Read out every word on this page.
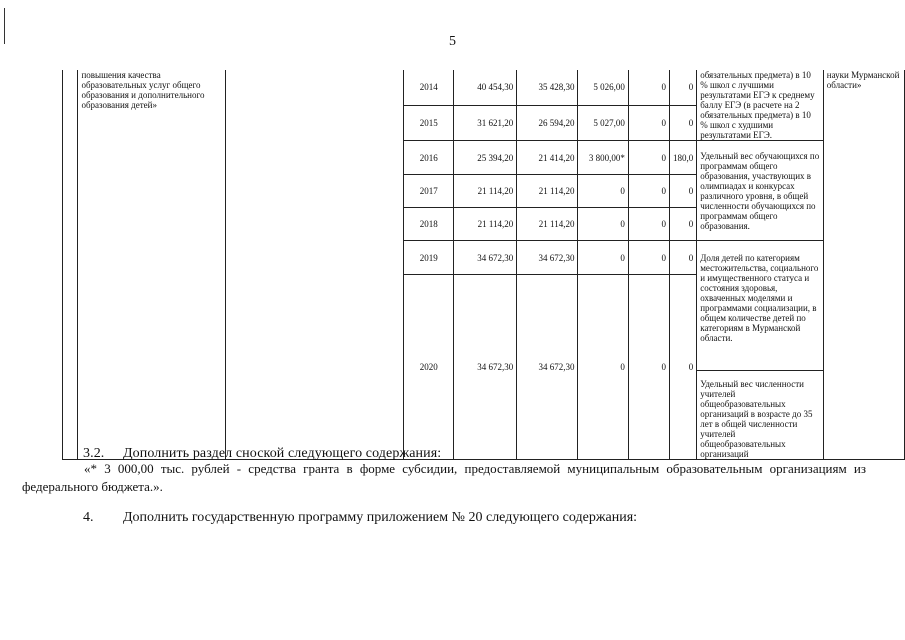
5
	повышения качества образовательных услуг общего образования и дополнительного образования детей»		2014	40 454,30	35 428,30	5 026,00	0	0	обязательных предмета) в 10 % школ с лучшими результатами ЕГЭ к среднему баллу ЕГЭ (в расчете на 2 обязательных предмета) в 10 % школ с худшими результатами ЕГЭ.	науки Мурманской области»
			2015	31 621,20	26 594,20	5 027,00	0	0		
			2016	25 394,20	21 414,20	3 800,00*	0	180,0	Удельный вес обучающихся по программам общего образования, участвующих в олимпиадах и конкурсах различного уровня, в общей численности обучающихся по программам общего образования.	
			2017	21 114,20	21 114,20	0	0	0		
			2018	21 114,20	21 114,20	0	0	0		
			2019	34 672,30	34 672,30	0	0	0	Доля детей по категориям местожительства, социального и имущественного статуса и состояния здоровья, охваченных моделями и программами социализации, в общем количестве детей по категориям в Мурманской области.	
			2020	34 672,30	34 672,30	0	0	0		

									Удельный вес численности учителей общеобразовательных организаций в возрасте до 35 лет в общей численности учителей общеобразовательных организаций	
3.2. Дополнить раздел сноской следующего содержания:
«* 3 000,00 тыс. рублей - средства гранта в форме субсидии, предоставляемой муниципальным образовательным организациям из
федерального бюджета.».
4. Дополнить государственную программу приложением № 20 следующего содержания:
